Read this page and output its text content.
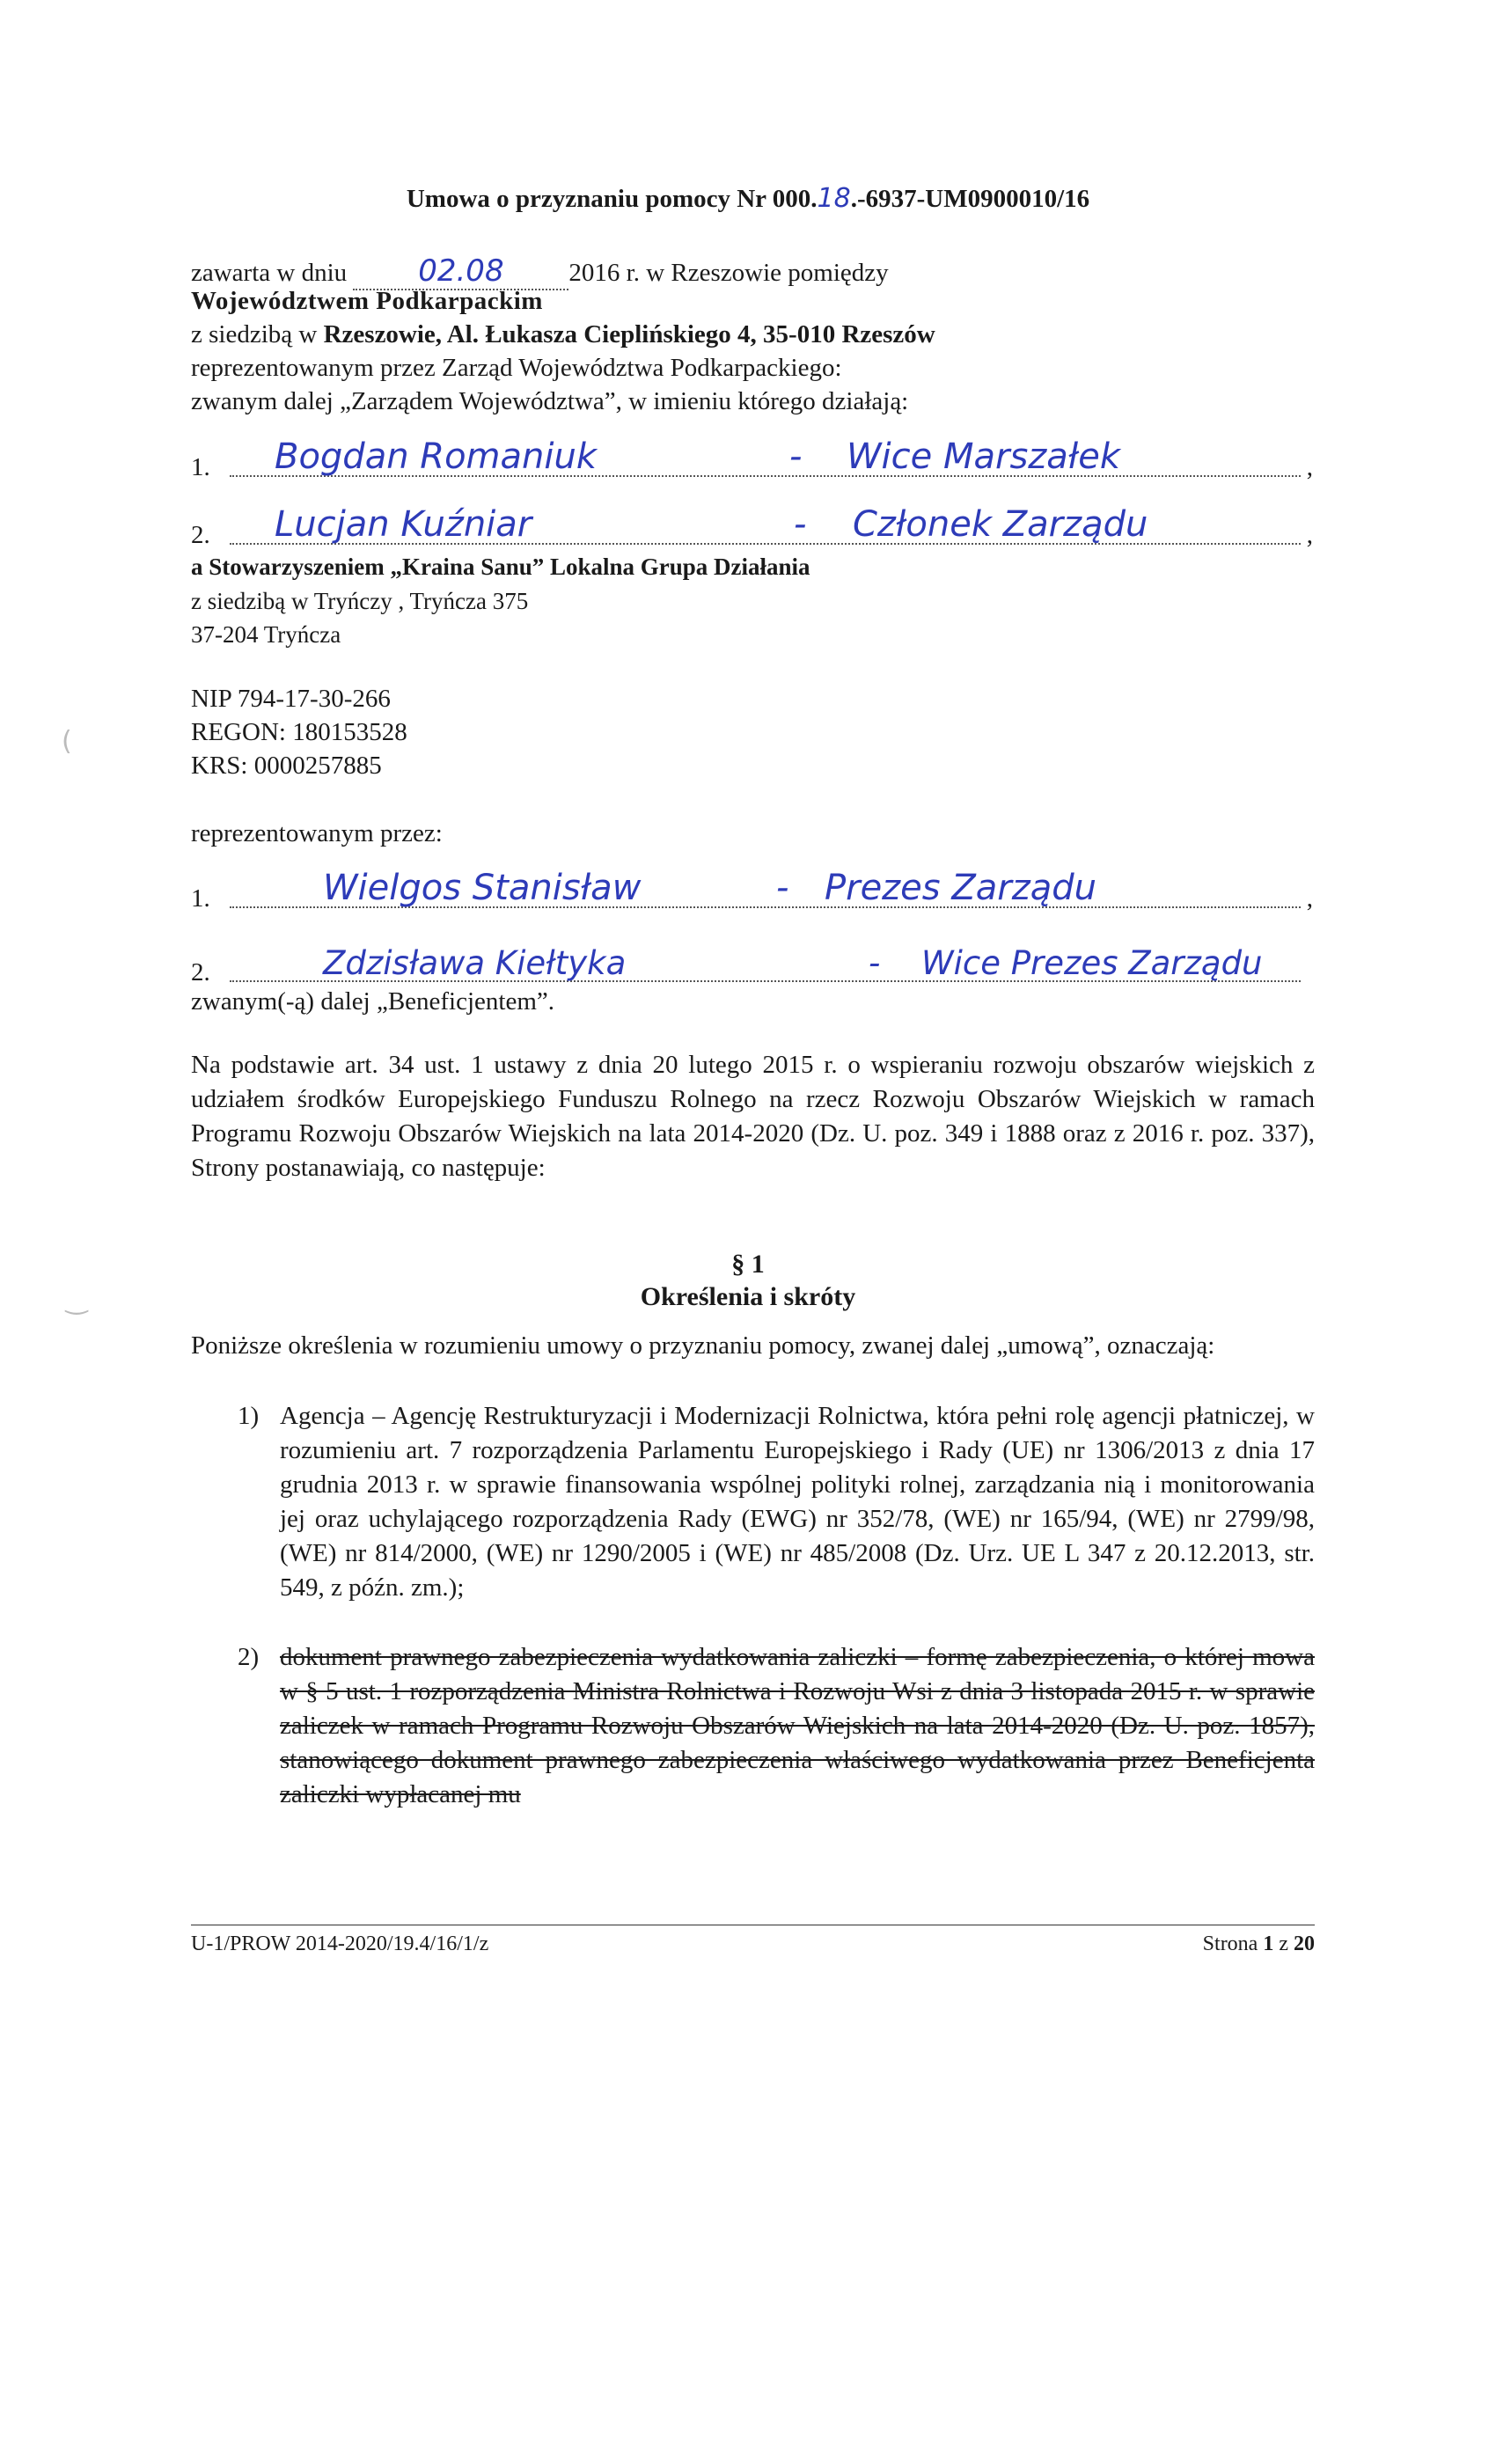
(
‿
Umowa o przyznaniu pomocy Nr 000.18.-6937-UM0900010/16
zawarta w dniu 02.08	2016 r. w Rzeszowie pomiędzy
Województwem Podkarpackim
z siedzibą w Rzeszowie, Al. Łukasza Cieplińskiego 4, 35-010 Rzeszów
reprezentowanym przez Zarząd Województwa Podkarpackiego:
zwanym dalej „Zarządem Województwa”, w imieniu którego działają:
1. Bogdan Romaniuk	- Wice Marszałek	,
2. Lucjan Kuźniar	- Członek Zarządu	,
a Stowarzyszeniem „Kraina Sanu” Lokalna Grupa Działania
z siedzibą w Tryńczy , Tryńcza 375
37-204 Tryńcza
NIP 794-17-30-266
REGON: 180153528
KRS: 0000257885
reprezentowanym przez:
1.	Wielgos Stanisław	- Prezes Zarządu	,
2.	Zdzisława Kiełtyka	- Wice Prezes Zarządu
zwanym(-ą) dalej „Beneficjentem”.
Na podstawie art. 34 ust. 1 ustawy z dnia 20 lutego 2015 r. o wspieraniu rozwoju obszarów wiejskich z udziałem środków Europejskiego Funduszu Rolnego na rzecz Rozwoju Obszarów Wiejskich w ramach Programu Rozwoju Obszarów Wiejskich na lata 2014-2020 (Dz. U. poz. 349 i 1888 oraz z 2016 r. poz. 337), Strony postanawiają, co następuje:
§ 1
Określenia i skróty
Poniższe określenia w rozumieniu umowy o przyznaniu pomocy, zwanej dalej „umową”, oznaczają:
1) Agencja – Agencję Restrukturyzacji i Modernizacji Rolnictwa, która pełni rolę agencji płatniczej, w rozumieniu art. 7 rozporządzenia Parlamentu Europejskiego i Rady (UE) nr 1306/2013 z dnia 17 grudnia 2013 r. w sprawie finansowania wspólnej polityki rolnej, zarządzania nią i monitorowania jej oraz uchylającego rozporządzenia Rady (EWG) nr 352/78, (WE) nr 165/94, (WE) nr 2799/98, (WE) nr 814/2000, (WE) nr 1290/2005 i (WE) nr 485/2008 (Dz. Urz. UE L 347 z 20.12.2013, str. 549, z późn. zm.);
2) dokument prawnego zabezpieczenia wydatkowania zaliczki – formę zabezpieczenia, o której mowa w § 5 ust. 1 rozporządzenia Ministra Rolnictwa i Rozwoju Wsi z dnia 3 listopada 2015 r. w sprawie zaliczek w ramach Programu Rozwoju Obszarów Wiejskich na lata 2014-2020 (Dz. U. poz. 1857), stanowiącego dokument prawnego zabezpieczenia właściwego wydatkowania przez Beneficjenta zaliczki wypłacanej mu
U-1/PROW 2014-2020/19.4/16/1/z	Strona 1 z 20
